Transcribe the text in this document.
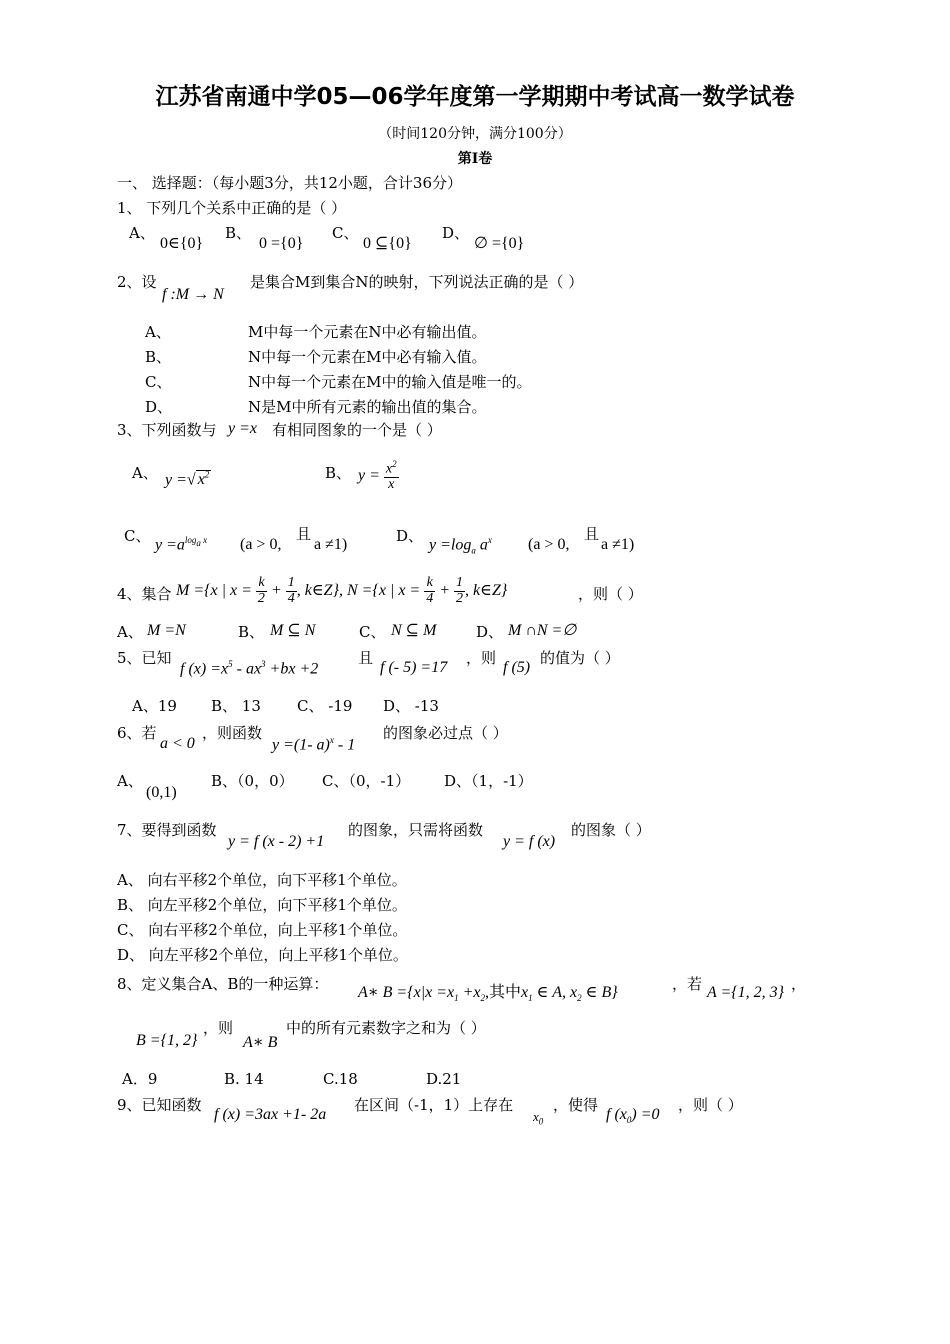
江苏省南通中学05—06学年度第一学期期中考试高一数学试卷
（时间120分钟，满分100分）
第Ⅰ卷
一、 选择题：（每小题3分，共12小题，合计36分）
1、 下列几个关系中正确的是（ ）
A、
0∈{0}
B、
0 ={0}
C、
0 ⊆{0}
D、
∅ ={0}
2、设
f :M → N
是集合M到集合N的映射，下列说法正确的是（ ）
A、	M中每一个元素在N中必有输出值。
B、	N中每一个元素在M中必有输入值。
C、	N中每一个元素在M中的输入值是唯一的。
D、	N是M中所有元素的输出值的集合。
3、下列函数与 y =x 有相同图象的一个是（ ）
A、 y =√ $x^2$	B、 $y = \frac{x^2}{x}$
C、 $y =a^{log_a x}$ (a > 0,
且
a ≠1)	D、 $y =\log_a$ $a^x$ (a > 0,
且
a ≠1)
4、集合 M ={x | $x = \frac{k}{2} + \frac{1}{4}$ , k∈Z}, N ={x | $x = \frac{k}{4} + \frac{1}{2}$ , k∈Z}	，则（ ）
A、 M =N	B、 M ⊆ N	C、 N ⊆ M	D、 M ∩N =∅
5、已知
f $(x) =x^5 - ax^3 +bx +2$
且
f (- 5) =17
，则
f (5)
的值为（ ）
A、19 B、 13 C、 -19 D、 -13
6、若
a < 0
，则函数
y =(1- a)$^x$ - 1
的图象必过点（ ）
A、
(0,1)
B、（0，0） C、（0，-1） D、（1，-1）
7、要得到函数
y = f (x - 2) +1
的图象，只需将函数
y = f (x)
的图象（ ）
A、 向右平移2个单位，向下平移1个单位。
B、 向左平移2个单位，向下平移1个单位。
C、 向右平移2个单位，向上平移1个单位。
D、 向左平移2个单位，向上平移1个单位。
8、定义集合A、B的一种运算： A∗ $B =\{x|x =x_1 +x_2$,其中$x_1$ ∈ A, $x_2$ ∈ B}	，若 A ={1, 2, 3} ，
B ={1, 2}
，则
A∗ B
中的所有元素数字之和为（ ）
A．9	B. 14	C.18	D.21
9、已知函数
f (x) =3ax +1- 2a
在区间（-1，1）上存在
$x_0$
，使得
f $(x_0) =0$
，则（ ）
